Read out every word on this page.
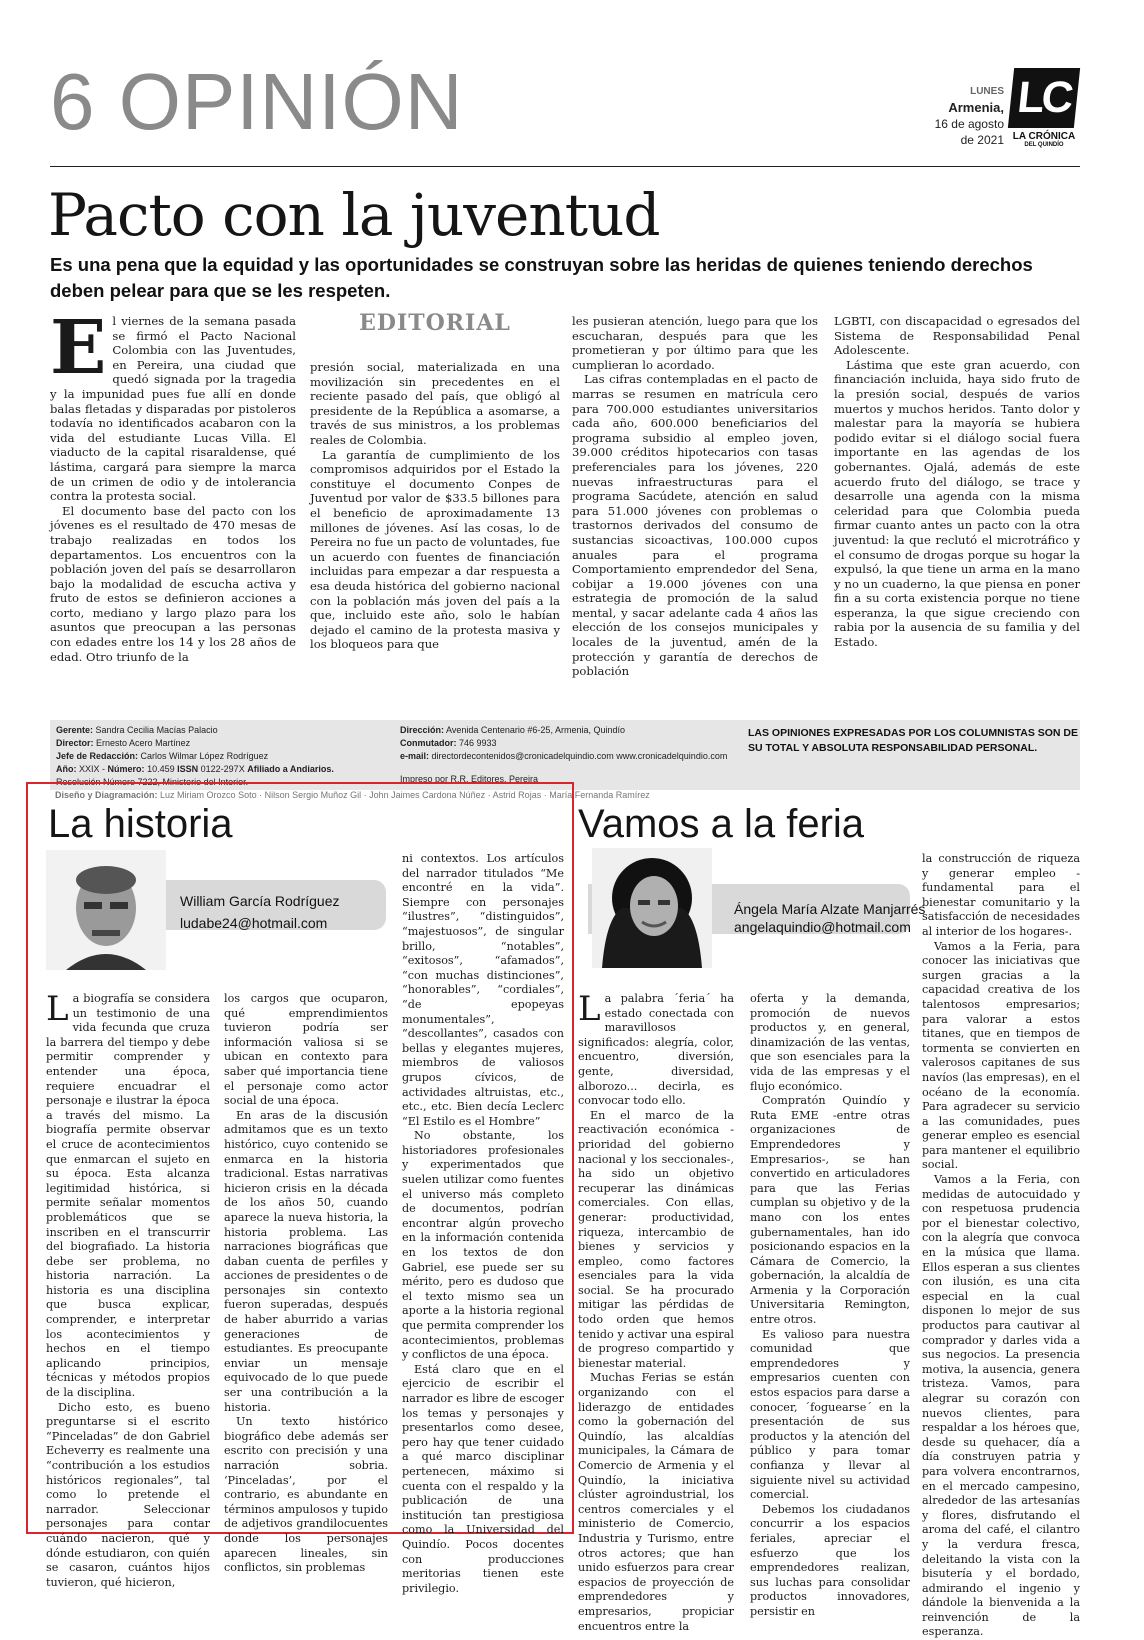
6 OPINIÓN	LUNES
Armenia,
16 de agosto
de 2021
LC
LA CRÓNICA
DEL QUINDÍO
Pacto con la juventud
Es una pena que la equidad y las oportunidades se construyan sobre las heridas de quienes teniendo derechos deben pelear para que se les respeten.
EDITORIAL
E l viernes de la semana pasada se firmó el Pacto Nacional Colombia con las Juventudes, en Pereira, una ciudad que quedó signada por la tragedia y la impunidad pues fue allí en donde balas fletadas y disparadas por pistoleros todavía no identificados acabaron con la vida del estudiante Lucas Villa. El viaducto de la capital risaraldense, qué lástima, cargará para siempre la marca de un crimen de odio y de intolerancia contra la protesta social.

El documento base del pacto con los jóvenes es el resultado de 470 mesas de trabajo realizadas en todos los departamentos. Los encuentros con la población joven del país se desarrollaron bajo la modalidad de escucha activa y fruto de estos se definieron acciones a corto, mediano y largo plazo para los asuntos que preocupan a las personas con edades entre los 14 y los 28 años de edad. Otro triunfo de la

presión social, materializada en una movilización sin precedentes en el reciente pasado del país, que obligó al presidente de la República a asomarse, a través de sus ministros, a los problemas reales de Colombia.

La garantía de cumplimiento de los compromisos adquiridos por el Estado la constituye el documento Conpes de Juventud por valor de $33.5 billones para el beneficio de aproximadamente 13 millones de jóvenes. Así las cosas, lo de Pereira no fue un pacto de voluntades, fue un acuerdo con fuentes de financiación incluidas para empezar a dar respuesta a esa deuda histórica del gobierno nacional con la población más joven del país a la que, incluido este año, solo le habían dejado el camino de la protesta masiva y los bloqueos para que

les pusieran atención, luego para que los escucharan, después para que les prometieran y por último para que les cumplieran lo acordado.

Las cifras contempladas en el pacto de marras se resumen en matrícula cero para 700.000 estudiantes universitarios cada año, 600.000 beneficiarios del programa subsidio al empleo joven, 39.000 créditos hipotecarios con tasas preferenciales para los jóvenes, 220 nuevas infraestructuras para el programa Sacúdete, atención en salud para 51.000 jóvenes con problemas o trastornos derivados del consumo de sustancias sicoactivas, 100.000 cupos anuales para el programa Comportamiento emprendedor del Sena, cobijar a 19.000 jóvenes con una estrategia de promoción de la salud mental, y sacar adelante cada 4 años las elección de los consejos municipales y locales de la juventud, amén de la protección y garantía de derechos de población

LGBTI, con discapacidad o egresados del Sistema de Responsabilidad Penal Adolescente.

Lástima que este gran acuerdo, con financiación incluida, haya sido fruto de la presión social, después de varios muertos y muchos heridos. Tanto dolor y malestar para la mayoría se hubiera podido evitar si el diálogo social fuera importante en las agendas de los gobernantes. Ojalá, además de este acuerdo fruto del diálogo, se trace y desarrolle una agenda con la misma celeridad para que Colombia pueda firmar cuanto antes un pacto con la otra juventud: la que reclutó el microtráfico y el consumo de drogas porque su hogar la expulsó, la que tiene un arma en la mano y no un cuaderno, la que piensa en poner fin a su corta existencia porque no tiene esperanza, la que sigue creciendo con rabia por la ausencia de su familia y del Estado.

Gerente: Sandra Cecilia Macías Palacio
Director: Ernesto Acero Martínez
Jefe de Redacción: Carlos Wilmar López Rodríguez
Año: XXIX - Número: 10.459 ISSN 0122-297X Afiliado a Andiarios.
Resolución Número 7222, Ministerio del Interior.
Dirección: Avenida Centenario #6-25, Armenia, Quindío
Conmutador: 746 9933
e-mail: directordecontenidos@cronicadelquindio.com www.cronicadelquindio.com
Impreso por R.R. Editores, Pereira
LAS OPINIONES EXPRESADAS POR LOS COLUMNISTAS SON DE SU TOTAL Y ABSOLUTA RESPONSABILIDAD PERSONAL.
Diseño y Diagramación: Luz Miriam Orozco Soto · Nilson Sergio Muñoz Gil · John Jaimes Cardona Núñez · Astrid Rojas · María Fernanda Ramírez
La historia
William García Rodríguez
ludabe24@hotmail.com
L a biografía se considera un testimonio de una vida fecunda que cruza la barrera del tiempo y debe permitir comprender y entender una época, requiere encuadrar el personaje e ilustrar la época a través del mismo. La biografía permite observar el cruce de acontecimientos que enmarcan el sujeto en su época. Esta alcanza legitimidad histórica, si permite señalar momentos problemáticos que se inscriben en el transcurrir del biografiado. La historia debe ser problema, no historia narración. La historia es una disciplina que busca explicar, comprender, e interpretar los acontecimientos y hechos en el tiempo aplicando principios, técnicas y métodos propios de la disciplina.

Dicho esto, es bueno preguntarse si el escrito “Pinceladas” de don Gabriel Echeverry es realmente una “contribución a los estudios históricos regionales”, tal como lo pretende el narrador. Seleccionar personajes para contar cuándo nacieron, qué y dónde estudiaron, con quién se casaron, cuántos hijos tuvieron, qué hicieron,

los cargos que ocuparon, qué emprendimientos tuvieron podría ser información valiosa si se ubican en contexto para saber qué importancia tiene el personaje como actor social de una época.

En aras de la discusión admitamos que es un texto histórico, cuyo contenido se enmarca en la historia tradicional. Estas narrativas hicieron crisis en la década de los años 50, cuando aparece la nueva historia, la historia problema. Las narraciones biográficas que daban cuenta de perfiles y acciones de presidentes o de personajes sin contexto fueron superadas, después de haber aburrido a varias generaciones de estudiantes. Es preocupante enviar un mensaje equivocado de lo que puede ser una contribución a la historia.

Un texto histórico biográfico debe además ser escrito con precisión y una narración sobria. ‘Pinceladas’, por el contrario, es abundante en términos ampulosos y tupido de adjetivos grandilocuentes donde los personajes aparecen lineales, sin conflictos, sin problemas

ni contextos. Los artículos del narrador titulados “Me encontré en la vida”. Siempre con personajes “ilustres”, “distinguidos”, “majestuosos”, de singular brillo, “notables”, “exitosos”, “afamados”, “con muchas distinciones”, “honorables”, “cordiales”, “de epopeyas monumentales”, “descollantes”, casados con bellas y elegantes mujeres, miembros de valiosos grupos cívicos, de actividades altruistas, etc., etc., etc. Bien decía Leclerc “El Estilo es el Hombre”

No obstante, los historiadores profesionales y experimentados que suelen utilizar como fuentes el universo más completo de documentos, podrían encontrar algún provecho en la información contenida en los textos de don Gabriel, ese puede ser su mérito, pero es dudoso que el texto mismo sea un aporte a la historia regional que permita comprender los acontecimientos, problemas y conflictos de una época.

Está claro que en el ejercicio de escribir el narrador es libre de escoger los temas y personajes y presentarlos como desee, pero hay que tener cuidado a qué marco disciplinar pertenecen, máximo si cuenta con el respaldo y la publicación de una institución tan prestigiosa como la Universidad del Quindío. Pocos docentes con producciones meritorias tienen este privilegio.

Vamos a la feria
Ángela María Alzate Manjarrés
angelaquindio@hotmail.com
L a palabra ´feria´ ha estado conectada con maravillosos significados: alegría, color, encuentro, diversión, gente, diversidad, alborozo... decirla, es convocar todo ello.

En el marco de la reactivación económica -prioridad del gobierno nacional y los seccionales-, ha sido un objetivo recuperar las dinámicas comerciales. Con ellas, generar: productividad, riqueza, intercambio de bienes y servicios y empleo, como factores esenciales para la vida social. Se ha procurado mitigar las pérdidas de todo orden que hemos tenido y activar una espiral de progreso compartido y bienestar material.

Muchas Ferias se están organizando con el liderazgo de entidades como la gobernación del Quindío, las alcaldías municipales, la Cámara de Comercio de Armenia y el Quindío, la iniciativa clúster agroindustrial, los centros comerciales y el ministerio de Comercio, Industria y Turismo, entre otros actores; que han unido esfuerzos para crear espacios de proyección de emprendedores y empresarios, propiciar encuentros entre la

oferta y la demanda, promoción de nuevos productos y, en general, dinamización de las ventas, que son esenciales para la vida de las empresas y el flujo económico.

Compratón Quindío y Ruta EME -entre otras organizaciones de Emprendedores y Empresarios-, se han convertido en articuladores para que las Ferias cumplan su objetivo y de la mano con los entes gubernamentales, han ido posicionando espacios en la Cámara de Comercio, la gobernación, la alcaldía de Armenia y la Corporación Universitaria Remington, entre otros.

Es valioso para nuestra comunidad que emprendedores y empresarios cuenten con estos espacios para darse a conocer, ´foguearse´ en la presentación de sus productos y la atención del público y para tomar confianza y llevar al siguiente nivel su actividad comercial.

Debemos los ciudadanos concurrir a los espacios feriales, apreciar el esfuerzo que los emprendedores realizan, sus luchas para consolidar productos innovadores, persistir en

la construcción de riqueza y generar empleo -fundamental para el bienestar comunitario y la satisfacción de necesidades al interior de los hogares-.

Vamos a la Feria, para conocer las iniciativas que surgen gracias a la capacidad creativa de los talentosos empresarios; para valorar a estos titanes, que en tiempos de tormenta se convierten en valerosos capitanes de sus navíos (las empresas), en el océano de la economía. Para agradecer su servicio a las comunidades, pues generar empleo es esencial para mantener el equilibrio social.

Vamos a la Feria, con medidas de autocuidado y con respetuosa prudencia por el bienestar colectivo, con la alegría que convoca en la música que llama. Ellos esperan a sus clientes con ilusión, es una cita especial en la cual disponen lo mejor de sus productos para cautivar al comprador y darles vida a sus negocios. La presencia motiva, la ausencia, genera tristeza. Vamos, para alegrar su corazón con nuevos clientes, para respaldar a los héroes que, desde su quehacer, día a día construyen patria y para volvera encontrarnos, en el mercado campesino, alrededor de las artesanías y flores, disfrutando el aroma del café, el cilantro y la verdura fresca, deleitando la vista con la bisutería y el bordado, admirando el ingenio y dándole la bienvenida a la reinvención de la esperanza.
